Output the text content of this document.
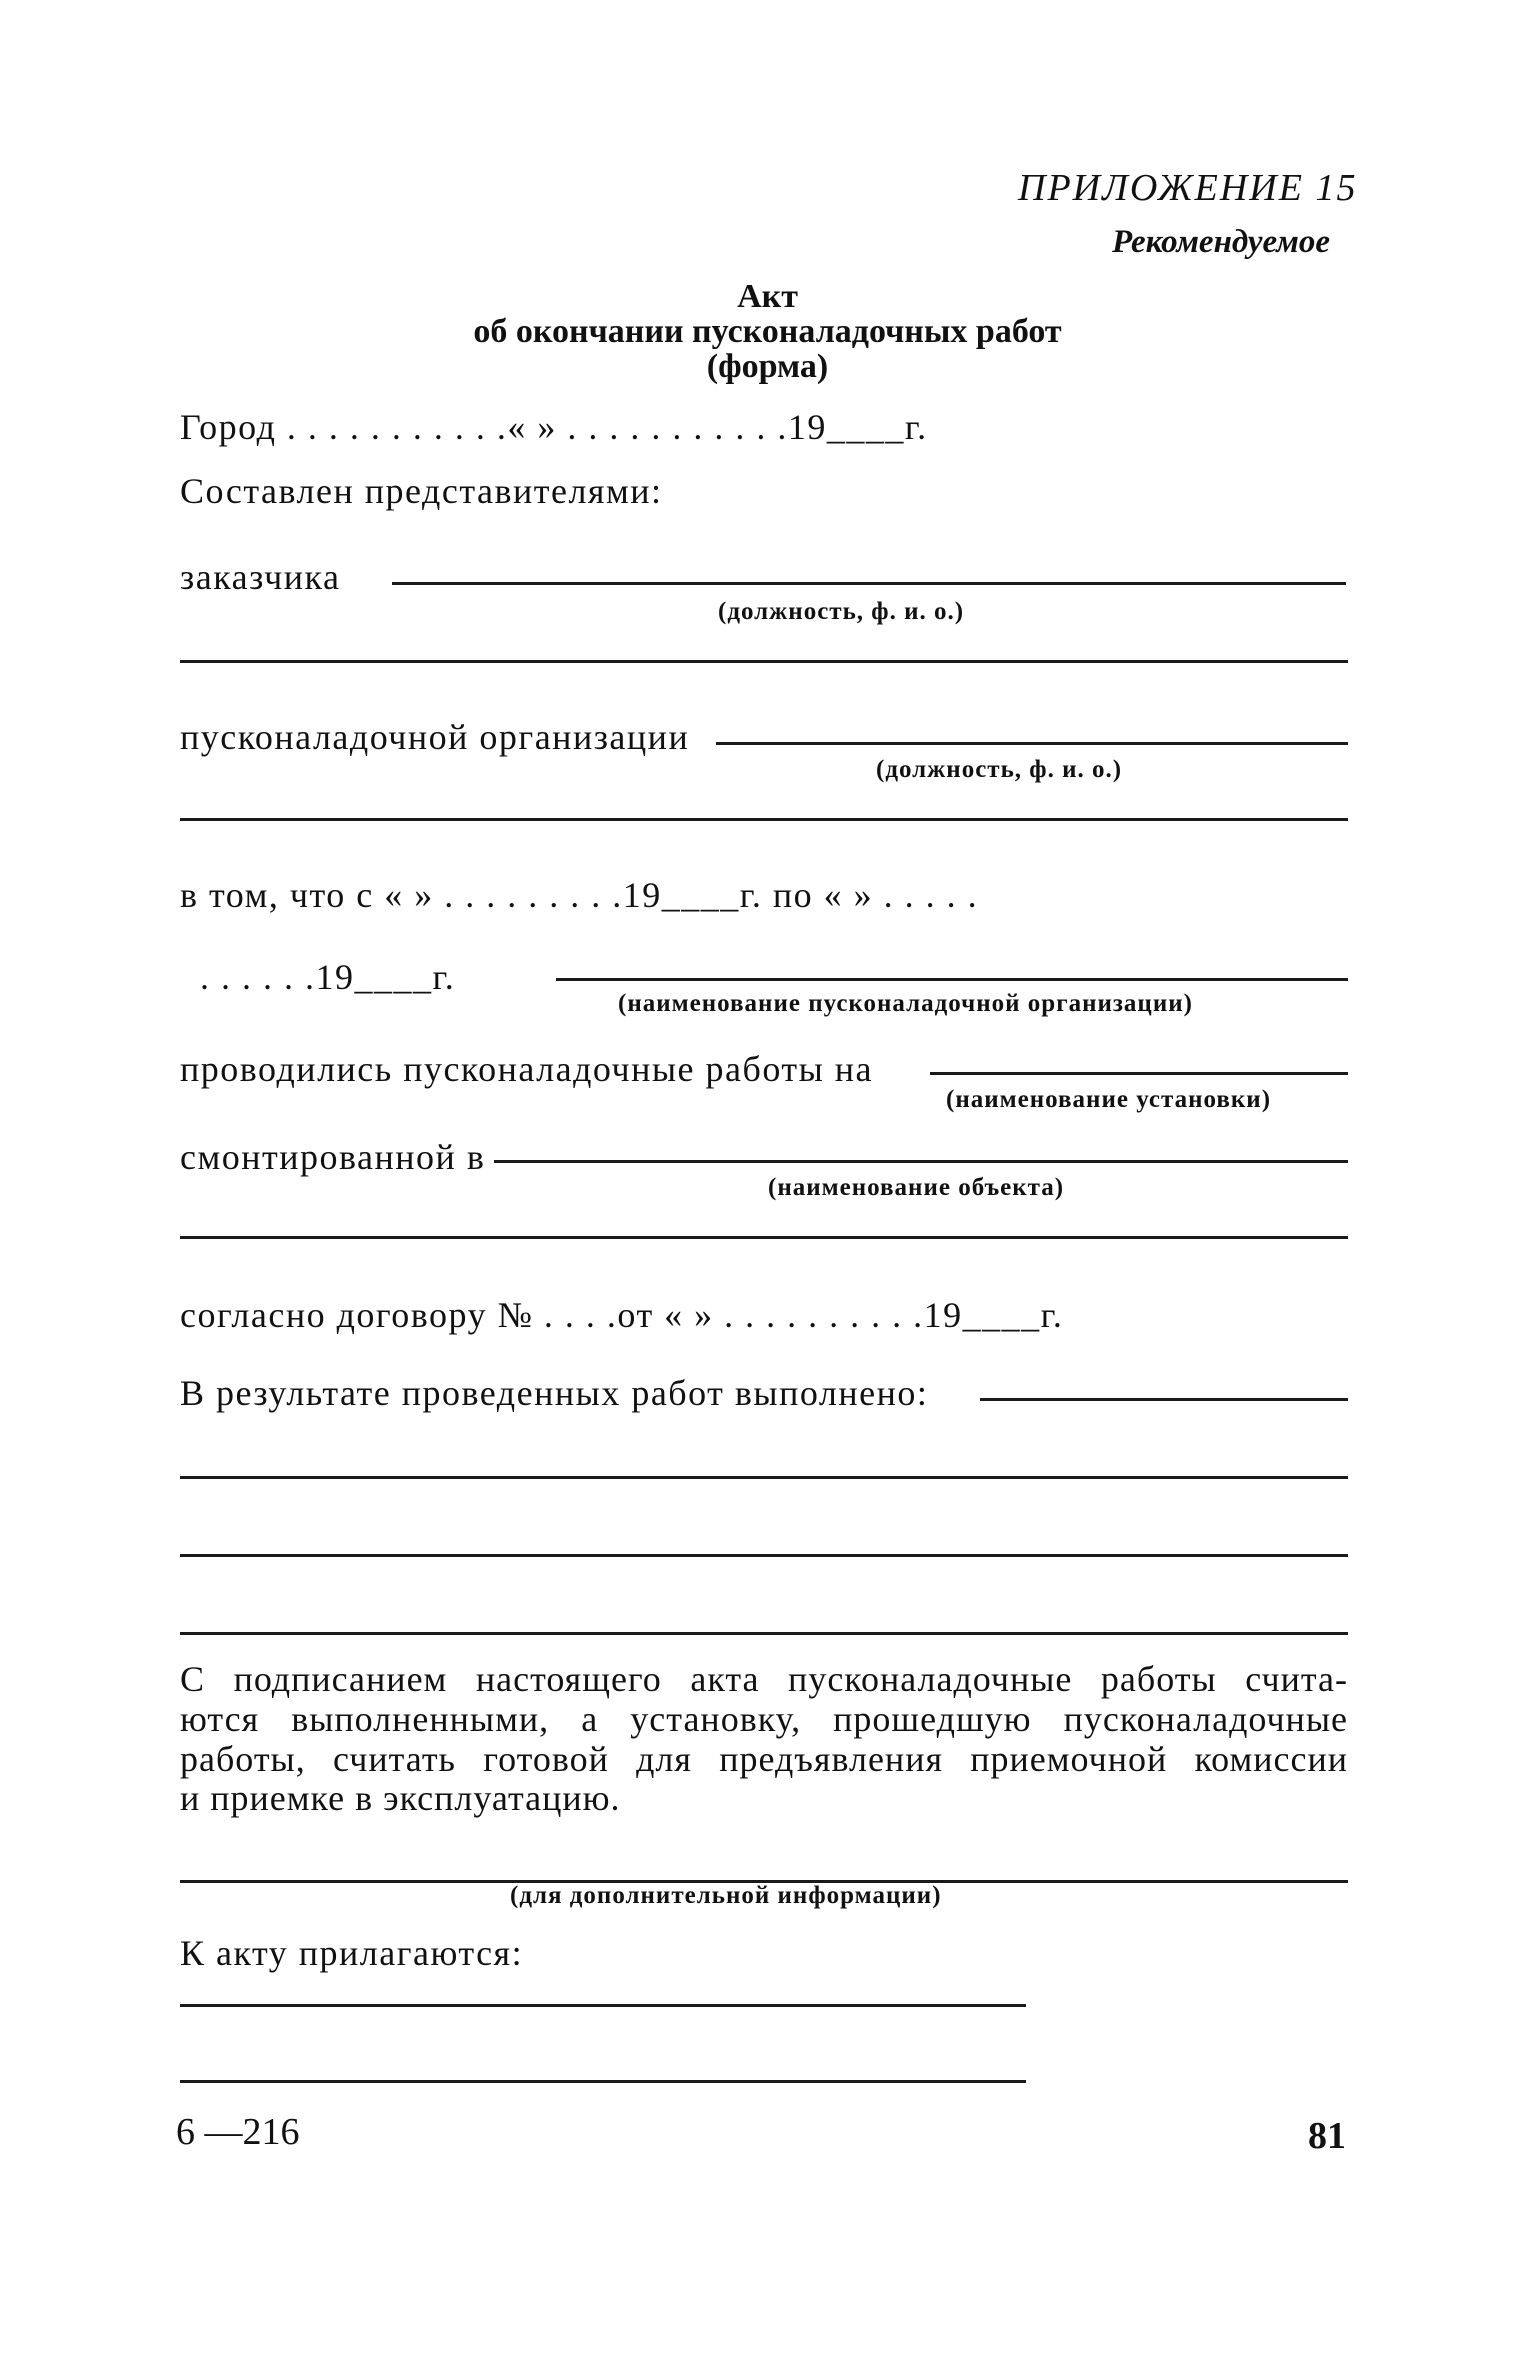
ПРИЛОЖЕНИЕ 15
Рекомендуемое
Акт
об окончании пусконаладочных работ
(форма)
Город . . . . . . . . . . .« » . . . . . . . . . . .19____г.
Составлен представителями:
заказчика
(должность, ф. и. о.)
пусконаладочной организации
(должность, ф. и. о.)
в том, что с « » . . . . . . . . .19____г. по « » . . . . .
. . . . . .19____г.
(наименование пусконаладочной организации)
проводились пусконаладочные работы на
(наименование установки)
смонтированной в
(наименование объекта)
согласно договору № . . . .от « » . . . . . . . . . .19____г.
В результате проведенных работ выполнено:
С подписанием настоящего акта пусконаладочные работы счита-
ются выполненными, а установку, прошедшую пусконаладочные
работы, считать готовой для предъявления приемочной комиссии
и приемке в эксплуатацию.
(для дополнительной информации)
К акту прилагаются:
6 —216	81
